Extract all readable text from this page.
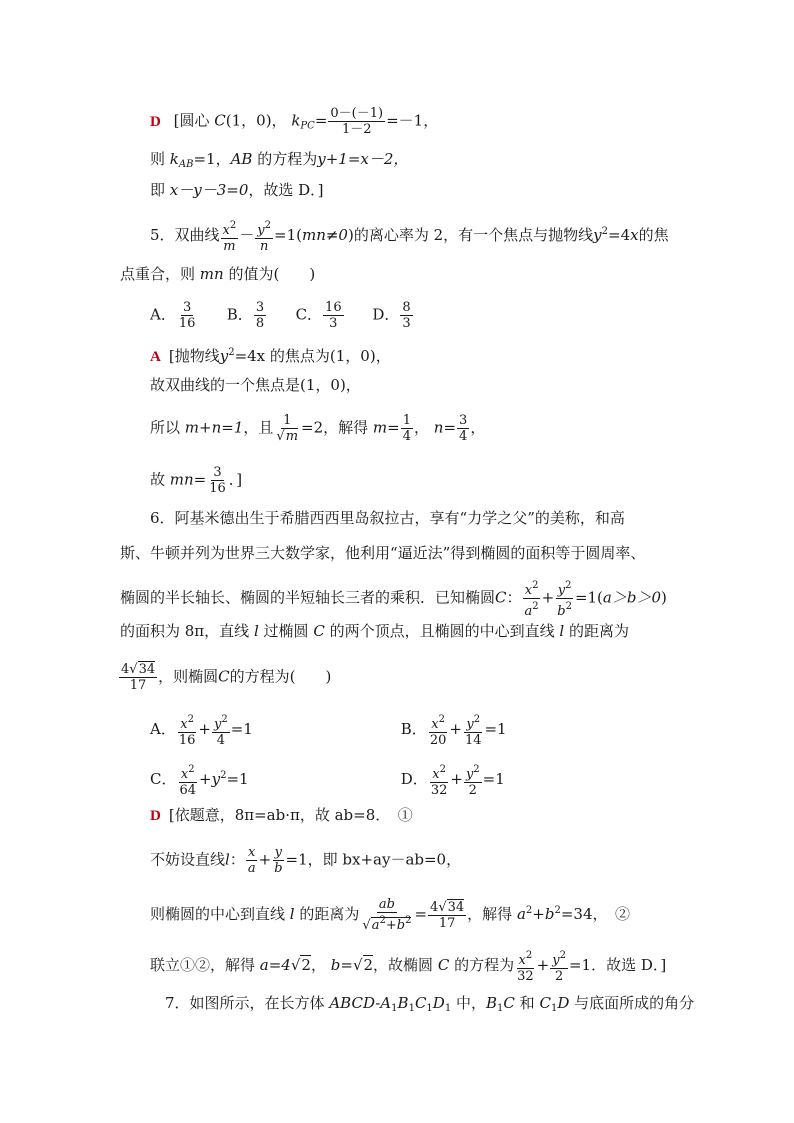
D [圆心 C(1，0)， $k_{PC}= \frac{0-(-1)}{1-2} =-1$，
则 $k_{AB}=1$，AB 的方程为y+1=x－2，
即 x－y－3=0，故选 D．]
5．双曲线 $\frac{x^2}{m} - \frac{y^2}{n} =1(mn\ne 0)$的离心率为 2，有一个焦点与抛物线$y^2=4x$的焦
点重合，则 mn 的值为(　　)
A． $\frac{3}{16}$ B． $\frac{3}{8}$ C． $\frac{16}{3}$ D． $\frac{8}{3}$
A [抛物线$y^2=4x$ 的焦点为(1，0)，
故双曲线的一个焦点是(1，0)，
所以 m+n=1，且 $\frac{1}{√m} =2$，解得 $m= \frac{1}{4}$ ， $n= \frac{3}{4}$ ，
故 $mn= \frac{3}{16}$ ．]
6．阿基米德出生于希腊西西里岛叙拉古，享有“力学之父”的美称，和高
斯、牛顿并列为世界三大数学家，他利用“逼近法”得到椭圆的面积等于圆周率、
椭圆的半长轴长、椭圆的半短轴长三者的乘积．已知椭圆C： $\frac{x^2}{a^2} + \frac{y^2}{b^2} =1(a>b>0)$
的面积为 8π，直线 l 过椭圆 C 的两个顶点，且椭圆的中心到直线 l 的距离为
$\frac{4√34}{17}$ ，则椭圆C的方程为(　　)
A． $\frac{x^2}{16} + \frac{y^2}{4} =1$	B． $\frac{x^2}{20} + \frac{y^2}{14} =1$
C． $\frac{x^2}{64} +y^2=1$	D． $\frac{x^2}{32} + \frac{y^2}{2} =1$
D [依题意，8π=ab·π，故 ab=8．　①
不妨设直线l： $\frac{x}{a} + \frac{y}{b} =1$，即 bx+ay－ab=0，
则椭圆的中心到直线 l 的距离为 $\frac{ab}{√a^2+b^2} = \frac{4√34}{17}$ ，解得 $a^2+b^2=34$，　②
联立①②，解得 a=4√2， b=√2，故椭圆 C 的方程为 $\frac{x^2}{32} + \frac{y^2}{2} =1$．故选 D．]
7．如图所示，在长方体 ABCD-$A_1B_1C_1D_1$ 中，$B_1C$ 和 $C_1D$ 与底面所成的角分
